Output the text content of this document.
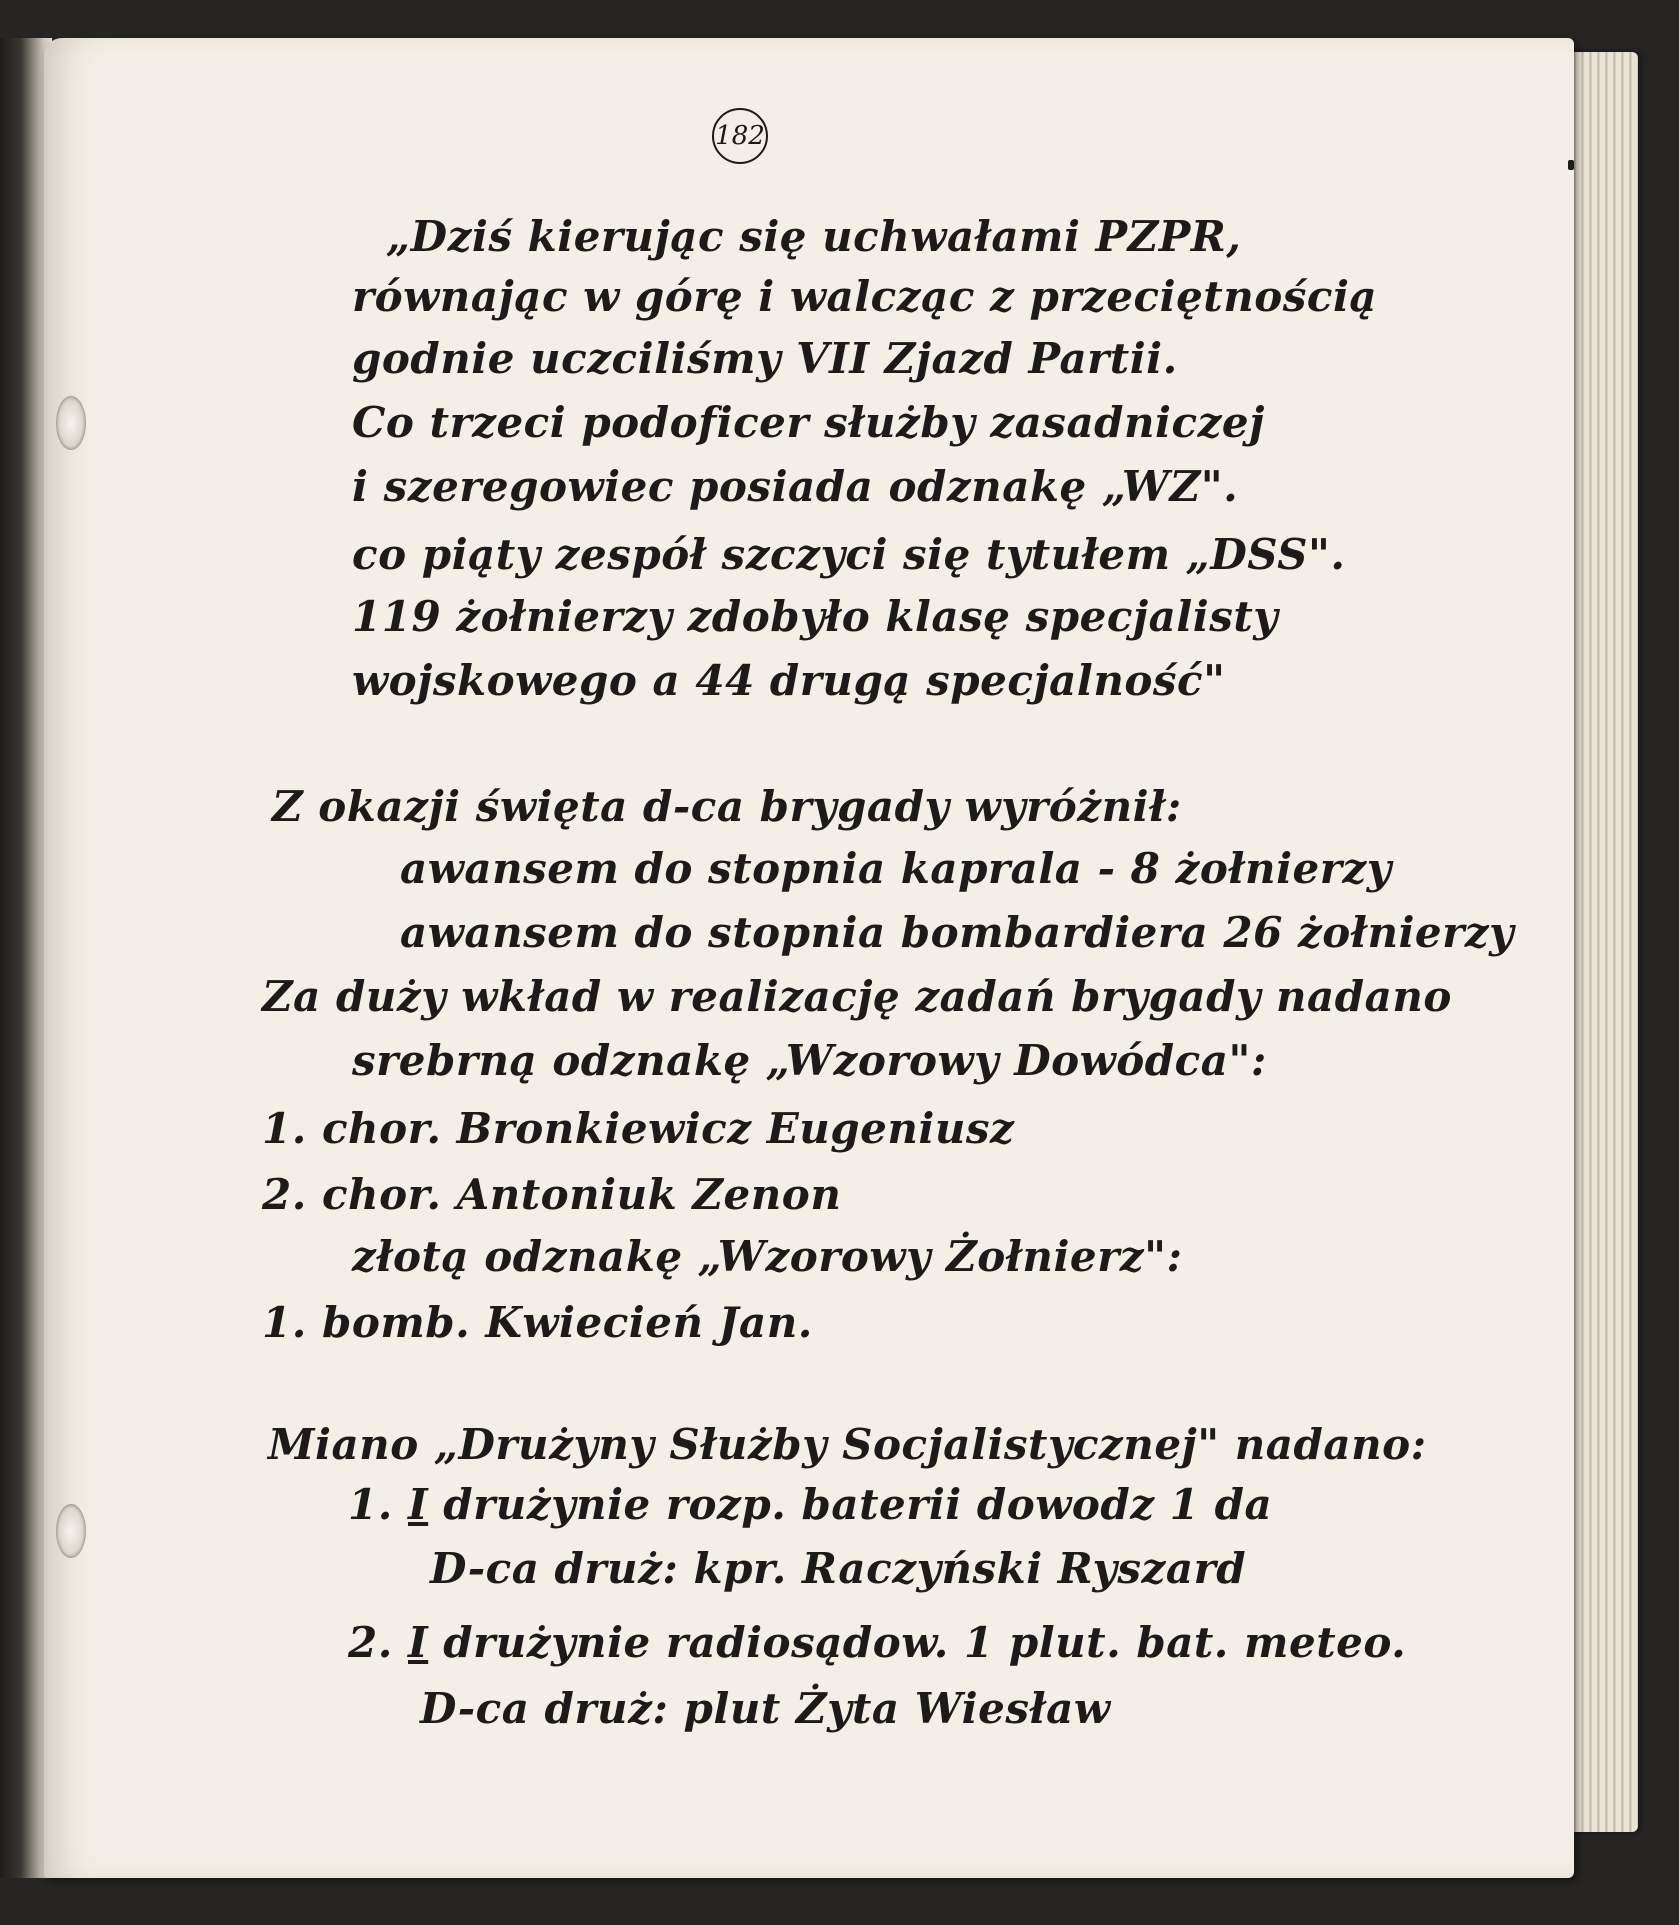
182
„Dziś kierując się uchwałami PZPR,
równając w górę i walcząc z przeciętnością
godnie uczciliśmy VII Zjazd Partii.
Co trzeci podoficer służby zasadniczej
i szeregowiec posiada odznakę „WZ".
co piąty zespół szczyci się tytułem „DSS".
119 żołnierzy zdobyło klasę specjalisty
wojskowego a 44 drugą specjalność"
Z okazji święta d-ca brygady wyróżnił:
awansem do stopnia kaprala - 8 żołnierzy
awansem do stopnia bombardiera 26 żołnierzy
Za duży wkład w realizację zadań brygady nadano
srebrną odznakę „Wzorowy Dowódca":
1. chor. Bronkiewicz Eugeniusz
2. chor. Antoniuk Zenon
złotą odznakę „Wzorowy Żołnierz":
1. bomb. Kwiecień Jan.
Miano „Drużyny Służby Socjalistycznej" nadano:
1. I drużynie rozp. baterii dowodz 1 da
D-ca druż: kpr. Raczyński Ryszard
2. I drużynie radiosądow. 1 plut. bat. meteo.
D-ca druż: plut Żyta Wiesław
